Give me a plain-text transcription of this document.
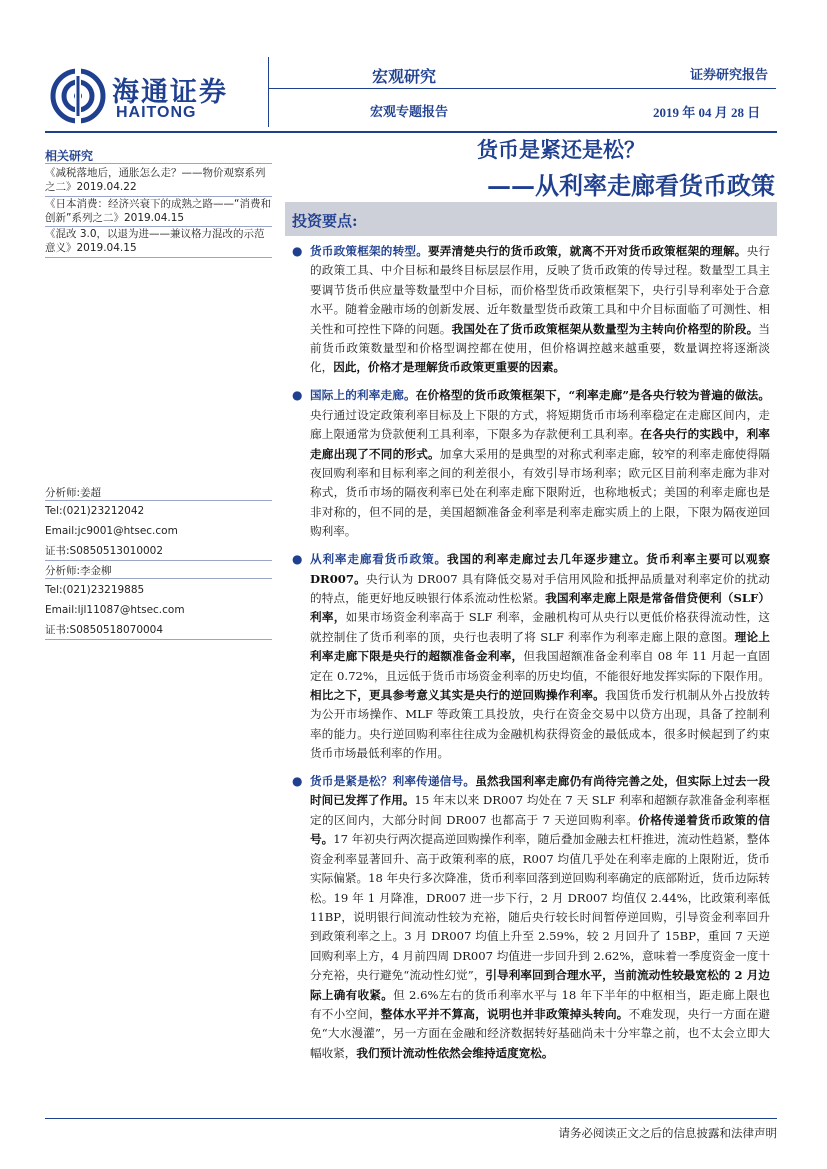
海通证券
HAITONG
宏观研究
宏观专题报告
证券研究报告
2019 年 04 月 28 日
货币是紧还是松？
——从利率走廊看货币政策
相关研究
《减税落地后，通胀怎么走？——物价观察系列之二》2019.04.22
《日本消费：经济兴衰下的成熟之路——“消费和创新”系列之二》2019.04.15
《混改 3.0，以退为进——兼议格力混改的示范意义》2019.04.15
分析师:姜超
Tel:(021)23212042
Email:jc9001@htsec.com
证书:S0850513010002
分析师:李金柳
Tel:(021)23219885
Email:ljl11087@htsec.com
证书:S0850518070004
投资要点:
● 货币政策框架的转型。要弄清楚央行的货币政策，就离不开对货币政策框架的理解。央行的政策工具、中介目标和最终目标层层作用，反映了货币政策的传导过程。数量型工具主要调节货币供应量等数量型中介目标，而价格型货币政策框架下，央行引导利率处于合意水平。随着金融市场的创新发展、近年数量型货币政策工具和中介目标面临了可测性、相关性和可控性下降的问题。我国处在了货币政策框架从数量型为主转向价格型的阶段。当前货币政策数量型和价格型调控都在使用，但价格调控越来越重要，数量调控将逐渐淡化，因此，价格才是理解货币政策更重要的因素。
● 国际上的利率走廊。在价格型的货币政策框架下，“利率走廊”是各央行较为普遍的做法。央行通过设定政策利率目标及上下限的方式，将短期货币市场利率稳定在走廊区间内，走廊上限通常为贷款便利工具利率，下限多为存款便利工具利率。在各央行的实践中，利率走廊出现了不同的形式。加拿大采用的是典型的对称式利率走廊，较窄的利率走廊使得隔夜回购利率和目标利率之间的利差很小，有效引导市场利率；欧元区目前利率走廊为非对称式，货币市场的隔夜利率已处在利率走廊下限附近，也称地板式；美国的利率走廊也是非对称的，但不同的是，美国超额准备金利率是利率走廊实质上的上限，下限为隔夜逆回购利率。
● 从利率走廊看货币政策。我国的利率走廊过去几年逐步建立。货币利率主要可以观察 DR007。央行认为 DR007 具有降低交易对手信用风险和抵押品质量对利率定价的扰动的特点，能更好地反映银行体系流动性松紧。我国利率走廊上限是常备借贷便利（SLF）利率，如果市场资金利率高于 SLF 利率，金融机构可从央行以更低价格获得流动性，这就控制住了货币利率的顶，央行也表明了将 SLF 利率作为利率走廊上限的意图。理论上利率走廊下限是央行的超额准备金利率，但我国超额准备金利率自 08 年 11 月起一直固定在 0.72%，且远低于货币市场资金利率的历史均值，不能很好地发挥实际的下限作用。相比之下，更具参考意义其实是央行的逆回购操作利率。我国货币发行机制从外占投放转为公开市场操作、MLF 等政策工具投放，央行在资金交易中以贷方出现，具备了控制利率的能力。央行逆回购利率往往成为金融机构获得资金的最低成本，很多时候起到了约束货币市场最低利率的作用。
● 货币是紧是松？利率传递信号。虽然我国利率走廊仍有尚待完善之处，但实际上过去一段时间已发挥了作用。15 年末以来 DR007 均处在 7 天 SLF 利率和超额存款准备金利率框定的区间内，大部分时间 DR007 也都高于 7 天逆回购利率。价格传递着货币政策的信号。17 年初央行两次提高逆回购操作利率，随后叠加金融去杠杆推进，流动性趋紧，整体资金利率显著回升、高于政策利率的底，R007 均值几乎处在利率走廊的上限附近，货币实际偏紧。18 年央行多次降准，货币利率回落到逆回购利率确定的底部附近，货币边际转松。19 年 1 月降准，DR007 进一步下行，2 月 DR007 均值仅 2.44%，比政策利率低 11BP，说明银行间流动性较为充裕，随后央行较长时间暂停逆回购，引导资金利率回升到政策利率之上。3 月 DR007 均值上升至 2.59%，较 2 月回升了 15BP，重回 7 天逆回购利率上方，4 月前四周 DR007 均值进一步回升到 2.62%，意味着一季度资金一度十分充裕，央行避免“流动性幻觉”，引导利率回到合理水平，当前流动性较最宽松的 2 月边际上确有收紧。但 2.6%左右的货币利率水平与 18 年下半年的中枢相当，距走廊上限也有不小空间，整体水平并不算高，说明也并非政策掉头转向。不难发现，央行一方面在避免“大水漫灌”，另一方面在金融和经济数据转好基础尚未十分牢靠之前，也不太会立即大幅收紧，我们预计流动性依然会维持适度宽松。
请务必阅读正文之后的信息披露和法律声明
